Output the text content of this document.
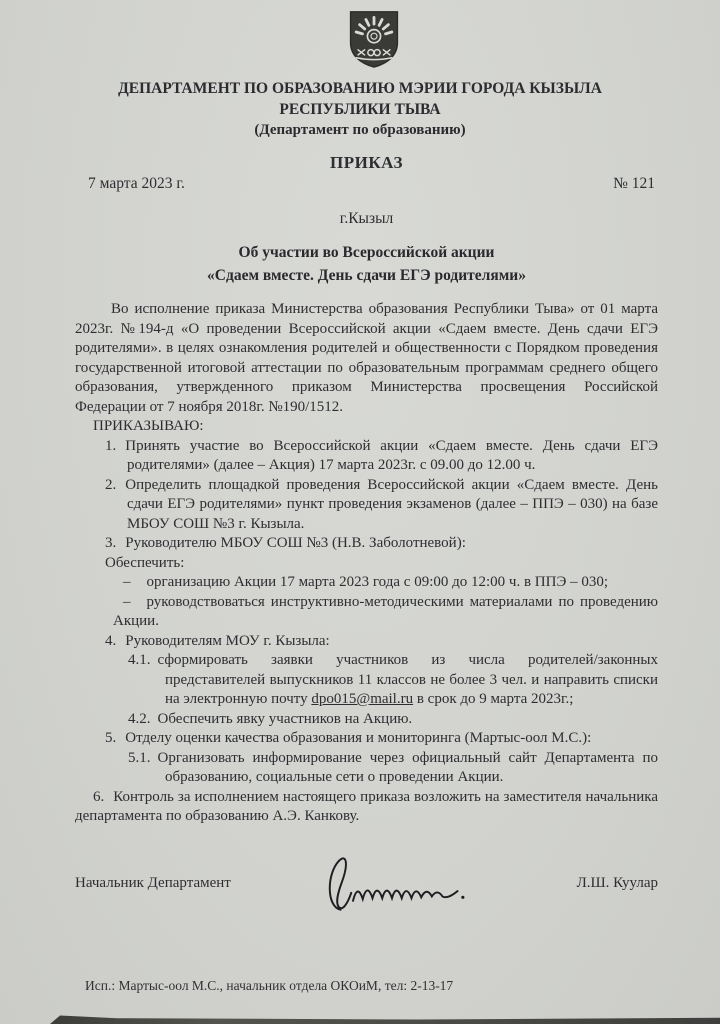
ДЕПАРТАМЕНТ ПО ОБРАЗОВАНИЮ МЭРИИ ГОРОДА КЫЗЫЛА
РЕСПУБЛИКИ ТЫВА
(Департамент по образованию)
ПРИКАЗ
7 марта 2023 г.	№ 121
г.Кызыл
Об участии во Всероссийской акции
«Сдаем вместе. День сдачи ЕГЭ родителями»

Во исполнение приказа Министерства образования Республики Тыва» от 01 марта 2023г. №194-д «О проведении Всероссийской акции «Сдаем вместе. День сдачи ЕГЭ родителями». в целях ознакомления родителей и общественности с Порядком проведения государственной итоговой аттестации по образовательным программам среднего общего образования, утвержденного приказом Министерства просвещения Российской Федерации от 7 ноября 2018г. №190/1512.

ПРИКАЗЫВАЮ:
1. Принять участие во Всероссийской акции «Сдаем вместе. День сдачи ЕГЭ родителями» (далее – Акция) 17 марта 2023г. с 09.00 до 12.00 ч.
2. Определить площадкой проведения Всероссийской акции «Сдаем вместе. День сдачи ЕГЭ родителями» пункт проведения экзаменов (далее – ППЭ – 030) на базе МБОУ СОШ №3 г. Кызыла.
3. Руководителю МБОУ СОШ №3 (Н.В. Заболотневой):
Обеспечить:
– организацию Акции 17 марта 2023 года с 09:00 до 12:00 ч. в ППЭ – 030;
– руководствоваться инструктивно-методическими материалами по проведению Акции.
4. Руководителям МОУ г. Кызыла:
4.1. сформировать заявки участников из числа родителей/законных представителей выпускников 11 классов не более 3 чел. и направить списки на электронную почту dpo015@mail.ru в срок до 9 марта 2023г.;
4.2. Обеспечить явку участников на Акцию.
5. Отделу оценки качества образования и мониторинга (Мартыс-оол М.С.):
5.1. Организовать информирование через официальный сайт Департамента по образованию, социальные сети о проведении Акции.
6. Контроль за исполнением настоящего приказа возложить на заместителя начальника департамента по образованию А.Э. Канкову.
Начальник Департамент	Л.Ш. Куулар
Исп.: Мартыс-оол М.С., начальник отдела ОКОиМ, тел: 2-13-17
